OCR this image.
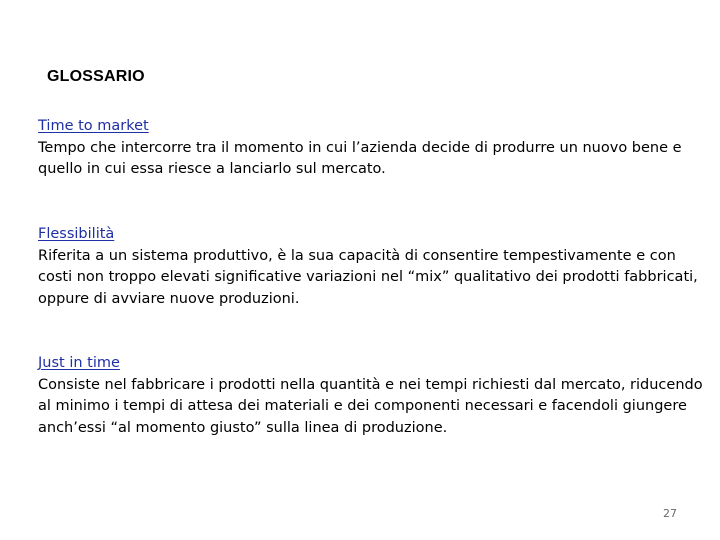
GLOSSARIO
Time to market
Tempo che intercorre tra il momento in cui l’azienda decide di produrre un nuovo bene e quello in cui essa riesce a lanciarlo sul mercato.
Flessibilità
Riferita a un sistema produttivo, è la sua capacità di consentire tempestivamente e con costi non troppo elevati significative variazioni nel “mix” qualitativo dei prodotti fabbricati, oppure di avviare nuove produzioni.
Just in time
Consiste nel fabbricare i prodotti nella quantità e nei tempi richiesti dal mercato, riducendo al minimo i tempi di attesa dei materiali e dei componenti necessari e facendoli giungere anch’essi “al momento giusto” sulla linea di produzione.
27
